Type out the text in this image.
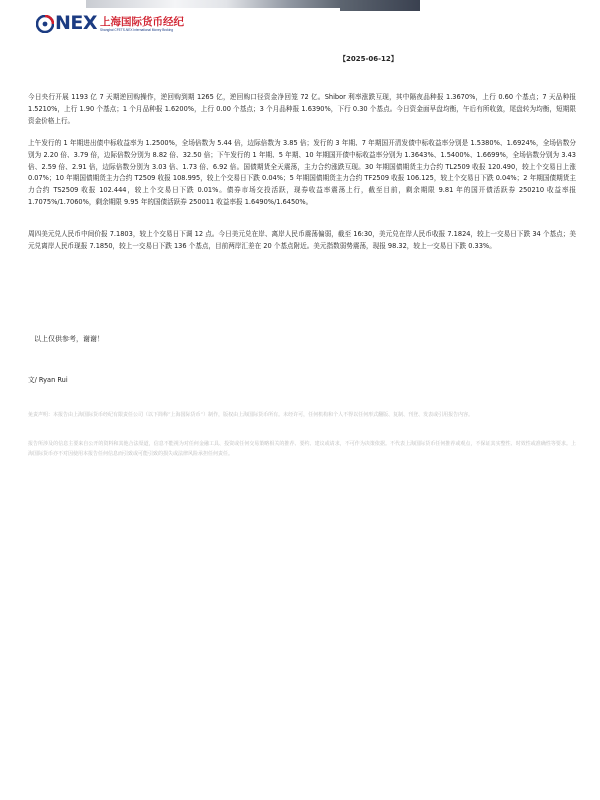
NEX 上海国际货币经纪
Shanghai CFETS-NEX International Money Broking
【2025-06-12】

今日央行开展 1193 亿 7 天期逆回购操作，逆回购到期 1265 亿，逆回购口径资金净回笼 72 亿。Shibor 利率涨跌互现，其中隔夜品种报 1.3670%，上行 0.60 个基点；7 天品种报 1.5210%，上行 1.90 个基点；1 个月品种报 1.6200%，上行 0.00 个基点；3 个月品种报 1.6390%，下行 0.30 个基点。今日资金面早盘均衡，午后有所收敛，尾盘转为均衡，短期限资金价格上行。

上午发行的 1 年期进出债中标收益率为 1.2500%，全场倍数为 5.44 倍，边际倍数为 3.85 倍；发行的 3 年期、7 年期国开清发债中标收益率分别是 1.5380%、1.6924%，全场倍数分别为 2.20 倍、3.79 倍，边际倍数分别为 8.82 倍、32.50 倍；下午发行的 1 年期、5 年期、10 年期国开债中标收益率分别为 1.3643%、1.5400%、1.6699%，全场倍数分别为 3.43 倍、2.59 倍、2.91 倍，边际倍数分别为 3.03 倍、1.73 倍、6.92 倍。国债期货全天震荡，主力合约涨跌互现。30 年期国债期货主力合约 TL2509 收报 120.490，较上个交易日上涨 0.07%；10 年期国债期货主力合约 T2509 收报 108.995，较上个交易日下跌 0.04%；5 年期国债期货主力合约 TF2509 收报 106.125，较上个交易日下跌 0.04%；2 年期国债期货主力合约 TS2509 收报 102.444，较上个交易日下跌 0.01%。债券市场交投活跃，现券收益率震荡上行，截至目前，剩余期限 9.81 年的国开债活跃券 250210 收益率报 1.7075%/1.7060%，剩余期限 9.95 年的国债活跃券 250011 收益率报 1.6490%/1.6450%。

周四美元兑人民币中间价报 7.1803，较上个交易日下调 12 点。今日美元兑在岸、离岸人民币震荡偏弱，截至 16:30，美元兑在岸人民币收报 7.1824，较上一交易日下跌 34 个基点；美元兑离岸人民币现报 7.1850，较上一交易日下跌 136 个基点，目前两岸汇差在 20 个基点附近。美元指数弱势震荡，现报 98.32，较上一交易日下跌 0.33%。

以上仅供参考，谢谢！
文/ Ryan Rui

免责声明：本报告由上海国际货币经纪有限责任公司（以下简称“上海国际货币”）制作，版权由上海国际货币所有。未经许可，任何机构和个人不得以任何形式翻版、复制、刊登、发表或引用报告内容。

报告所涉及的信息主要来自公开的资料和其他合法渠道，信息不能视为对任何金融工具、投资或任何交易策略相关的推荐、要约、建议或请求，不可作为决策依据。不代表上海国际货币任何推荐或观点，不保证其实整性、时效性或准确性等要求。上海国际货币亦不对因使用本报告任何信息而引致或可能引致的损失或法律风险承担任何责任。
